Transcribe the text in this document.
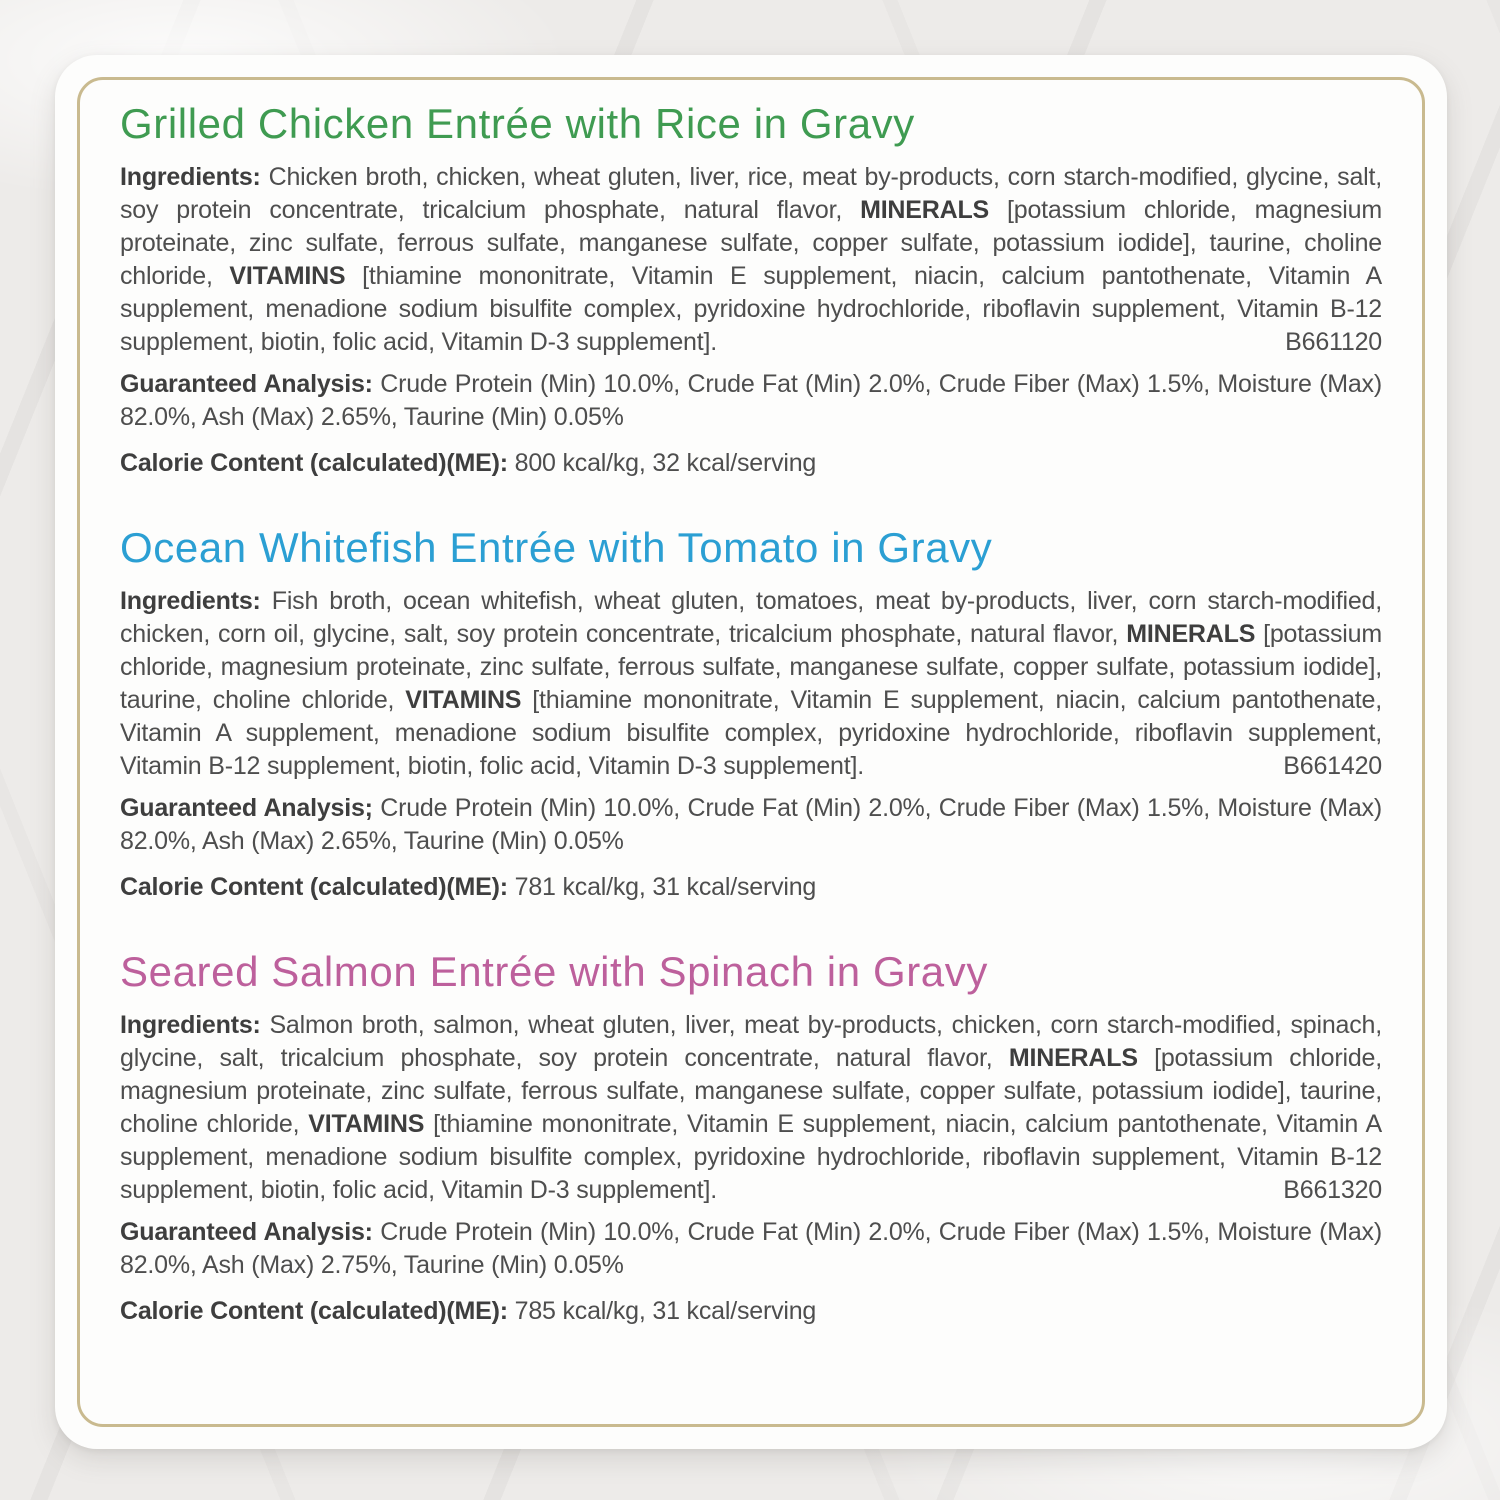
Grilled Chicken Entrée with Rice in Gravy

Ingredients: Chicken broth, chicken, wheat gluten, liver, rice, meat by-products, corn starch-modified, glycine, salt, soy protein concentrate, tricalcium phosphate, natural flavor, MINERALS [potassium chloride, magnesium proteinate, zinc sulfate, ferrous sulfate, manganese sulfate, copper sulfate, potassium iodide], taurine, choline chloride, VITAMINS [thiamine mononitrate, Vitamin E supplement, niacin, calcium pantothenate, Vitamin A supplement, menadione sodium bisulfite complex, pyridoxine hydrochloride, riboflavin supplement, Vitamin B-12 supplement, biotin, folic acid, Vitamin D-3 supplement].	B661120

Guaranteed Analysis: Crude Protein (Min) 10.0%, Crude Fat (Min) 2.0%, Crude Fiber (Max) 1.5%, Moisture (Max) 82.0%, Ash (Max) 2.65%, Taurine (Min) 0.05%

Calorie Content (calculated)(ME): 800 kcal/kg, 32 kcal/serving

Ocean Whitefish Entrée with Tomato in Gravy

Ingredients: Fish broth, ocean whitefish, wheat gluten, tomatoes, meat by-products, liver, corn starch-modified, chicken, corn oil, glycine, salt, soy protein concentrate, tricalcium phosphate, natural flavor, MINERALS [potassium chloride, magnesium proteinate, zinc sulfate, ferrous sulfate, manganese sulfate, copper sulfate, potassium iodide], taurine, choline chloride, VITAMINS [thiamine mononitrate, Vitamin E supplement, niacin, calcium pantothenate, Vitamin A supplement, menadione sodium bisulfite complex, pyridoxine hydrochloride, riboflavin supplement, Vitamin B-12 supplement, biotin, folic acid, Vitamin D-3 supplement].	B661420

Guaranteed Analysis; Crude Protein (Min) 10.0%, Crude Fat (Min) 2.0%, Crude Fiber (Max) 1.5%, Moisture (Max) 82.0%, Ash (Max) 2.65%, Taurine (Min) 0.05%

Calorie Content (calculated)(ME): 781 kcal/kg, 31 kcal/serving

Seared Salmon Entrée with Spinach in Gravy

Ingredients: Salmon broth, salmon, wheat gluten, liver, meat by-products, chicken, corn starch-modified, spinach, glycine, salt, tricalcium phosphate, soy protein concentrate, natural flavor, MINERALS [potassium chloride, magnesium proteinate, zinc sulfate, ferrous sulfate, manganese sulfate, copper sulfate, potassium iodide], taurine, choline chloride, VITAMINS [thiamine mononitrate, Vitamin E supplement, niacin, calcium pantothenate, Vitamin A supplement, menadione sodium bisulfite complex, pyridoxine hydrochloride, riboflavin supplement, Vitamin B-12 supplement, biotin, folic acid, Vitamin D-3 supplement].	B661320

Guaranteed Analysis: Crude Protein (Min) 10.0%, Crude Fat (Min) 2.0%, Crude Fiber (Max) 1.5%, Moisture (Max) 82.0%, Ash (Max) 2.75%, Taurine (Min) 0.05%

Calorie Content (calculated)(ME): 785 kcal/kg, 31 kcal/serving
